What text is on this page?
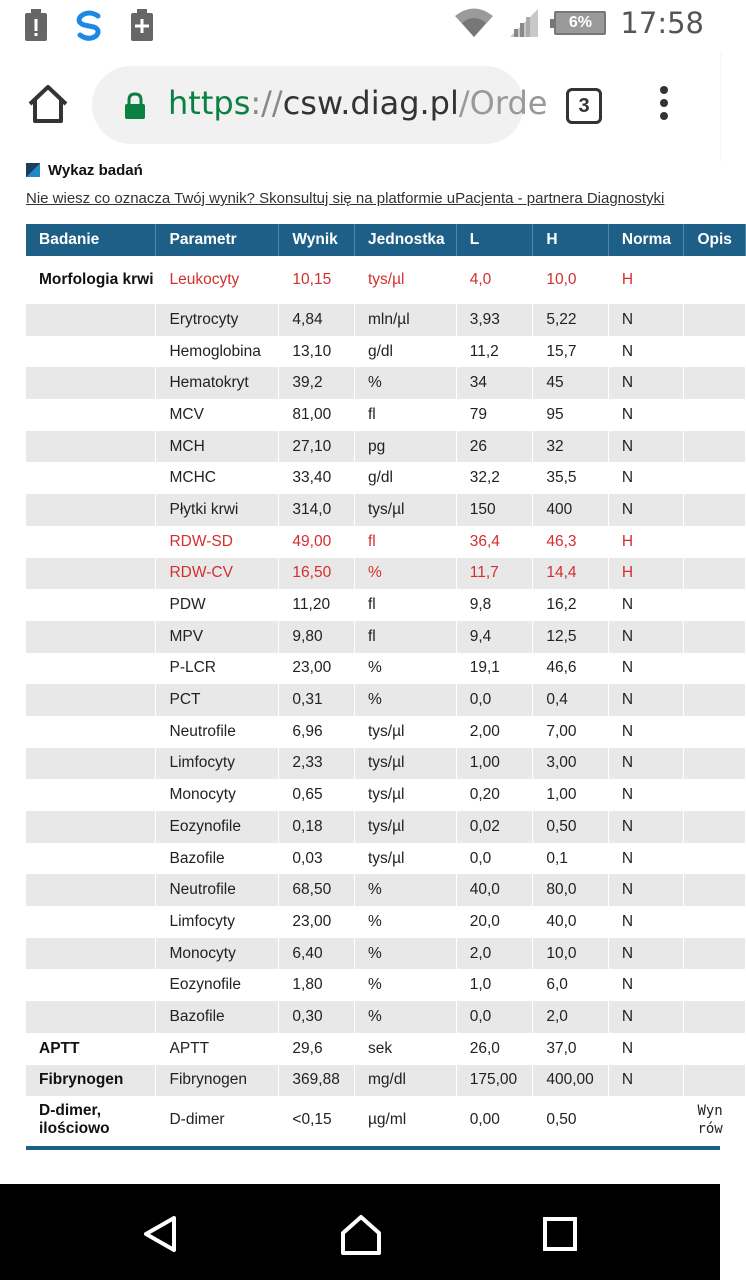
6% 17:58
https://csw.diag.pl/Orde	3
Wykaz badań
Nie wiesz co oznacza Twój wynik? Skonsultuj się na platformie uPacjenta - partnera Diagnostyki
Badanie	Parametr	Wynik	Jednostka	L	H	Norma	Opis
Morfologia krwi	Leukocyty	10,15	tys/µl	4,0	10,0	H	
	Erytrocyty	4,84	mln/µl	3,93	5,22	N	
	Hemoglobina	13,10	g/dl	11,2	15,7	N	
	Hematokryt	39,2	%	34	45	N	
	MCV	81,00	fl	79	95	N	
	MCH	27,10	pg	26	32	N	
	MCHC	33,40	g/dl	32,2	35,5	N	
	Płytki krwi	314,0	tys/µl	150	400	N	
	RDW-SD	49,00	fl	36,4	46,3	H	
	RDW-CV	16,50	%	11,7	14,4	H	
	PDW	11,20	fl	9,8	16,2	N	
	MPV	9,80	fl	9,4	12,5	N	
	P-LCR	23,00	%	19,1	46,6	N	
	PCT	0,31	%	0,0	0,4	N	
	Neutrofile	6,96	tys/µl	2,00	7,00	N	
	Limfocyty	2,33	tys/µl	1,00	3,00	N	
	Monocyty	0,65	tys/µl	0,20	1,00	N	
	Eozynofile	0,18	tys/µl	0,02	0,50	N	
	Bazofile	0,03	tys/µl	0,0	0,1	N	
	Neutrofile	68,50	%	40,0	80,0	N	
	Limfocyty	23,00	%	20,0	40,0	N	
	Monocyty	6,40	%	2,0	10,0	N	
	Eozynofile	1,80	%	1,0	6,0	N	
	Bazofile	0,30	%	0,0	2,0	N	
APTT	APTT	29,6	sek	26,0	37,0	N	
Fibrynogen	Fibrynogen	369,88	mg/dl	175,00	400,00	N	
D-dimer, ilościowo	D-dimer	<0,15	µg/ml	0,00	0,50		Wyn rów
